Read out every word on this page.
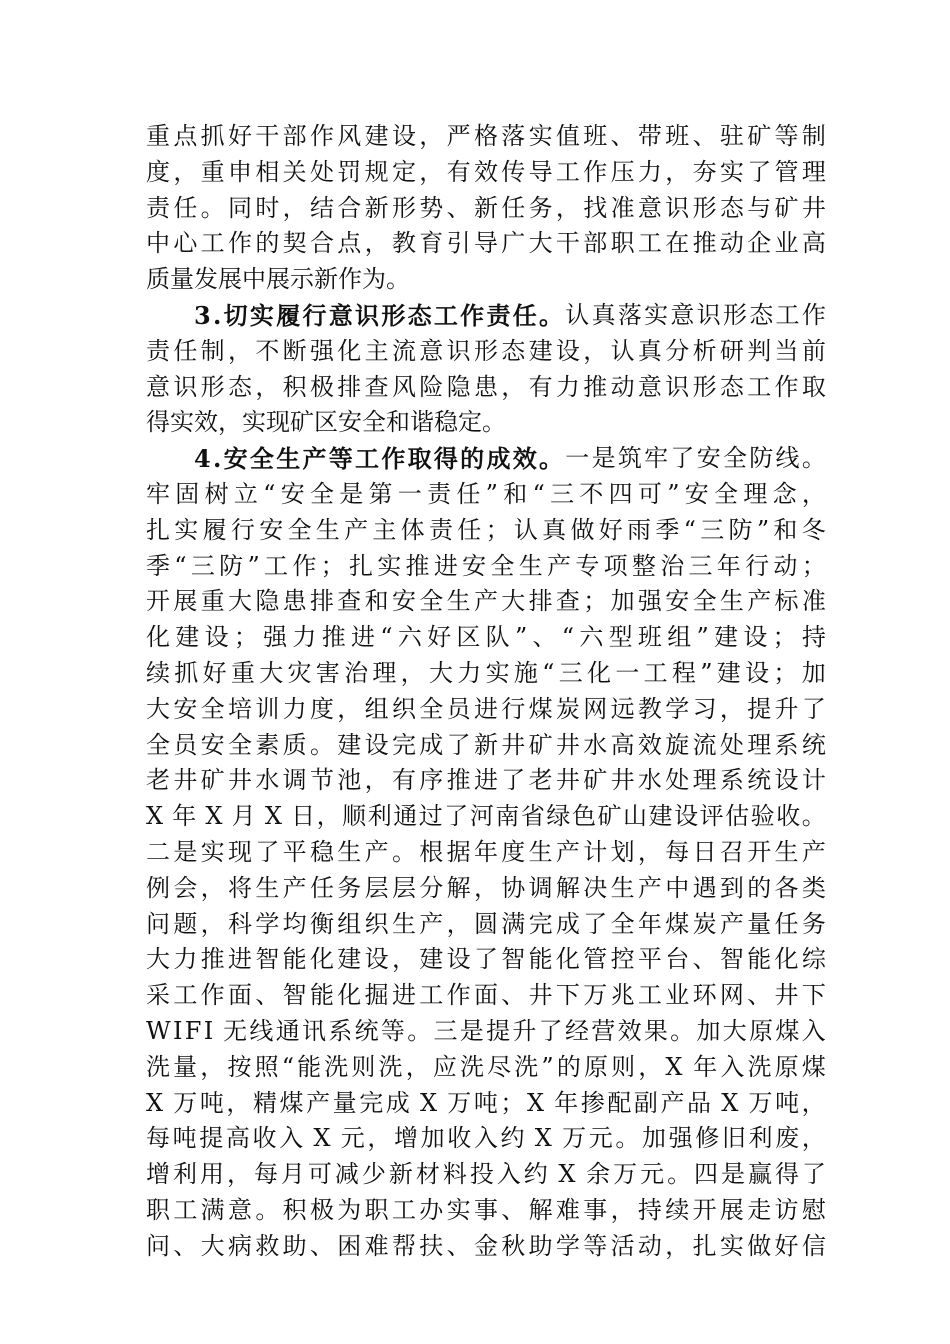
重 点 抓 好 干 部 作 风 建 设 ， 严 格 落 实 值 班 、 带 班 、 驻 矿 等 制
度 ， 重 申 相 关 处 罚 规 定 ， 有 效 传 导 工 作 压 力 ， 夯 实 了 管 理
责 任 。 同 时 ， 结 合 新 形 势 、 新 任 务 ， 找 准 意 识 形 态 与 矿 井
中 心 工 作 的 契 合 点 ， 教 育 引 导 广 大 干 部 职 工 在 推 动 企 业 高
质量发展中展示新作为。
3 . 切 实 履 行 意 识 形 态 工 作 责 任 。 认 真 落 实 意 识 形 态 工 作
责 任 制 ， 不 断 强 化 主 流 意 识 形 态 建 设 ， 认 真 分 析 研 判 当 前
意 识 形 态 ， 积 极 排 查 风 险 隐 患 ， 有 力 推 动 意 识 形 态 工 作 取
得实效，实现矿区安全和谐稳定。
4 . 安 全 生 产 等 工 作 取 得 的 成 效 。 一 是 筑 牢 了 安 全 防 线 。
牢 固 树 立 “ 安 全 是 第 一 责 任 ” 和 “ 三 不 四 可 ” 安 全 理 念 ，
扎 实 履 行 安 全 生 产 主 体 责 任 ； 认 真 做 好 雨 季 “ 三 防 ” 和 冬
季 “ 三 防 ” 工 作 ； 扎 实 推 进 安 全 生 产 专 项 整 治 三 年 行 动 ；
开 展 重 大 隐 患 排 查 和 安 全 生 产 大 排 查 ； 加 强 安 全 生 产 标 准
化 建 设 ； 强 力 推 进 “ 六 好 区 队 ” 、 “ 六 型 班 组 ” 建 设 ； 持
续 抓 好 重 大 灾 害 治 理 ， 大 力 实 施 “ 三 化 一 工 程 ” 建 设 ； 加
大 安 全 培 训 力 度 ， 组 织 全 员 进 行 煤 炭 网 远 教 学 习 ， 提 升 了
全 员 安 全 素 质 。 建 设 完 成 了 新 井 矿 井 水 高 效 旋 流 处 理 系 统
老 井 矿 井 水 调 节 池 ， 有 序 推 进 了 老 井 矿 井 水 处 理 系 统 设 计
X 年 X 月 X 日 ， 顺 利 通 过 了 河 南 省 绿 色 矿 山 建 设 评 估 验 收 。
二 是 实 现 了 平 稳 生 产 。 根 据 年 度 生 产 计 划 ， 每 日 召 开 生 产
例 会 ， 将 生 产 任 务 层 层 分 解 ， 协 调 解 决 生 产 中 遇 到 的 各 类
问 题 ， 科 学 均 衡 组 织 生 产 ， 圆 满 完 成 了 全 年 煤 炭 产 量 任 务
大 力 推 进 智 能 化 建 设 ， 建 设 了 智 能 化 管 控 平 台 、 智 能 化 综
采 工 作 面 、 智 能 化 掘 进 工 作 面 、 井 下 万 兆 工 业 环 网 、 井 下
W I F I 无 线 通 讯 系 统 等 。 三 是 提 升 了 经 营 效 果 。 加 大 原 煤 入
洗 量 ， 按 照 “ 能 洗 则 洗 ， 应 洗 尽 洗 ” 的 原 则 ， X 年 入 洗 原 煤
X 万 吨 ， 精 煤 产 量 完 成 X 万 吨 ； X 年 掺 配 副 产 品 X 万 吨 ，
每 吨 提 高 收 入 X 元 ， 增 加 收 入 约 X 万 元 。 加 强 修 旧 利 废 ，
增 利 用 ， 每 月 可 减 少 新 材 料 投 入 约 X 余 万 元 。 四 是 赢 得 了
职 工 满 意 。 积 极 为 职 工 办 实 事 、 解 难 事 ， 持 续 开 展 走 访 慰
问 、 大 病 救 助 、 困 难 帮 扶 、 金 秋 助 学 等 活 动 ， 扎 实 做 好 信
